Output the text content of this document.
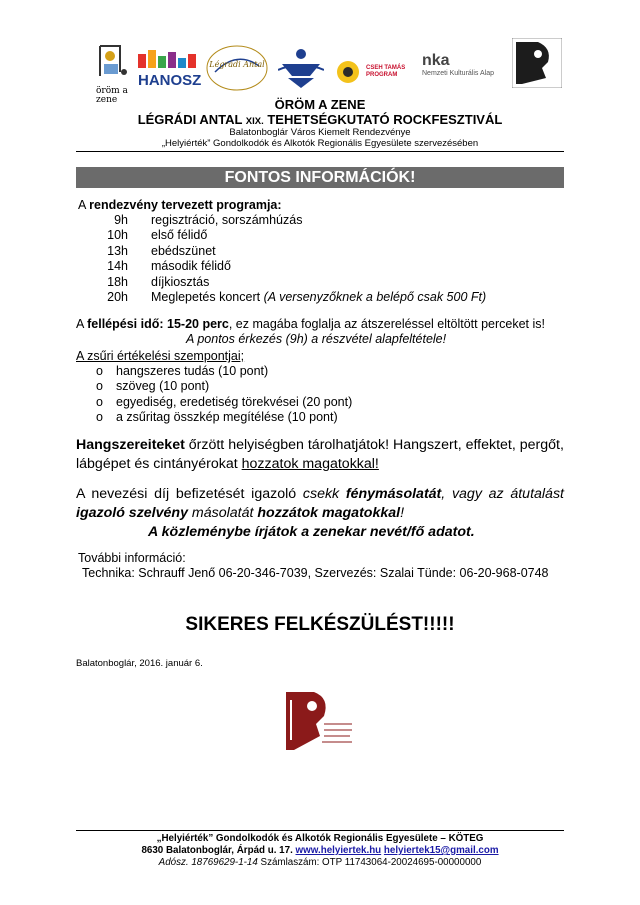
öröm a zene
HANOSZ
Légrádi Antal	CSEH TAMÁS PROGRAM
nka
Nemzeti Kulturális Alap
ÖRÖM A ZENE
LÉGRÁDI ANTAL XIX. TEHETSÉGKUTATÓ ROCKFESZTIVÁL
Balatonboglár Város Kiemelt Rendezvénye
„Helyiérték” Gondolkodók és Alkotók Regionális Egyesülete szervezésében
FONTOS INFORMÁCIÓK!
A rendezvény tervezett programja:
9h	regisztráció, sorszámhúzás
10h	első félidő
13h	ebédszünet
14h	második félidő
18h	díjkiosztás
20h	Meglepetés koncert (A versenyzőknek a belépő csak 500 Ft)
A fellépési idő: 15-20 perc, ez magába foglalja az átszereléssel eltöltött perceket is!
A pontos érkezés (9h) a részvétel alapfeltétele!
A zsűri értékelési szempontjai;
o hangszeres tudás (10 pont)
o szöveg (10 pont)
o egyediség, eredetiség törekvései (20 pont)
o a zsűritag összkép megítélése (10 pont)
Hangszereiteket őrzött helyiségben tárolhatjátok! Hangszert, effektet, pergőt,
lábgépet és cintányérokat hozzatok magatokkal!
A nevezési díj befizetését igazoló csekk fénymásolatát, vagy az átutalást
igazoló szelvény másolatát hozzátok magatokkal!
A közleménybe írjátok a zenekar nevét/fő adatot.
További információ:
Technika: Schrauff Jenő 06-20-346-7039, Szervezés: Szalai Tünde: 06-20-968-0748
SIKERES FELKÉSZÜLÉST!!!!!
Balatonboglár, 2016. január 6.
„Helyiérték” Gondolkodók és Alkotók Regionális Egyesülete – KÖTEG
8630 Balatonboglár, Árpád u. 17. www.helyiertek.hu helyiertek15@gmail.com
Adósz. 18769629-1-14 Számlaszám: OTP 11743064-20024695-00000000
